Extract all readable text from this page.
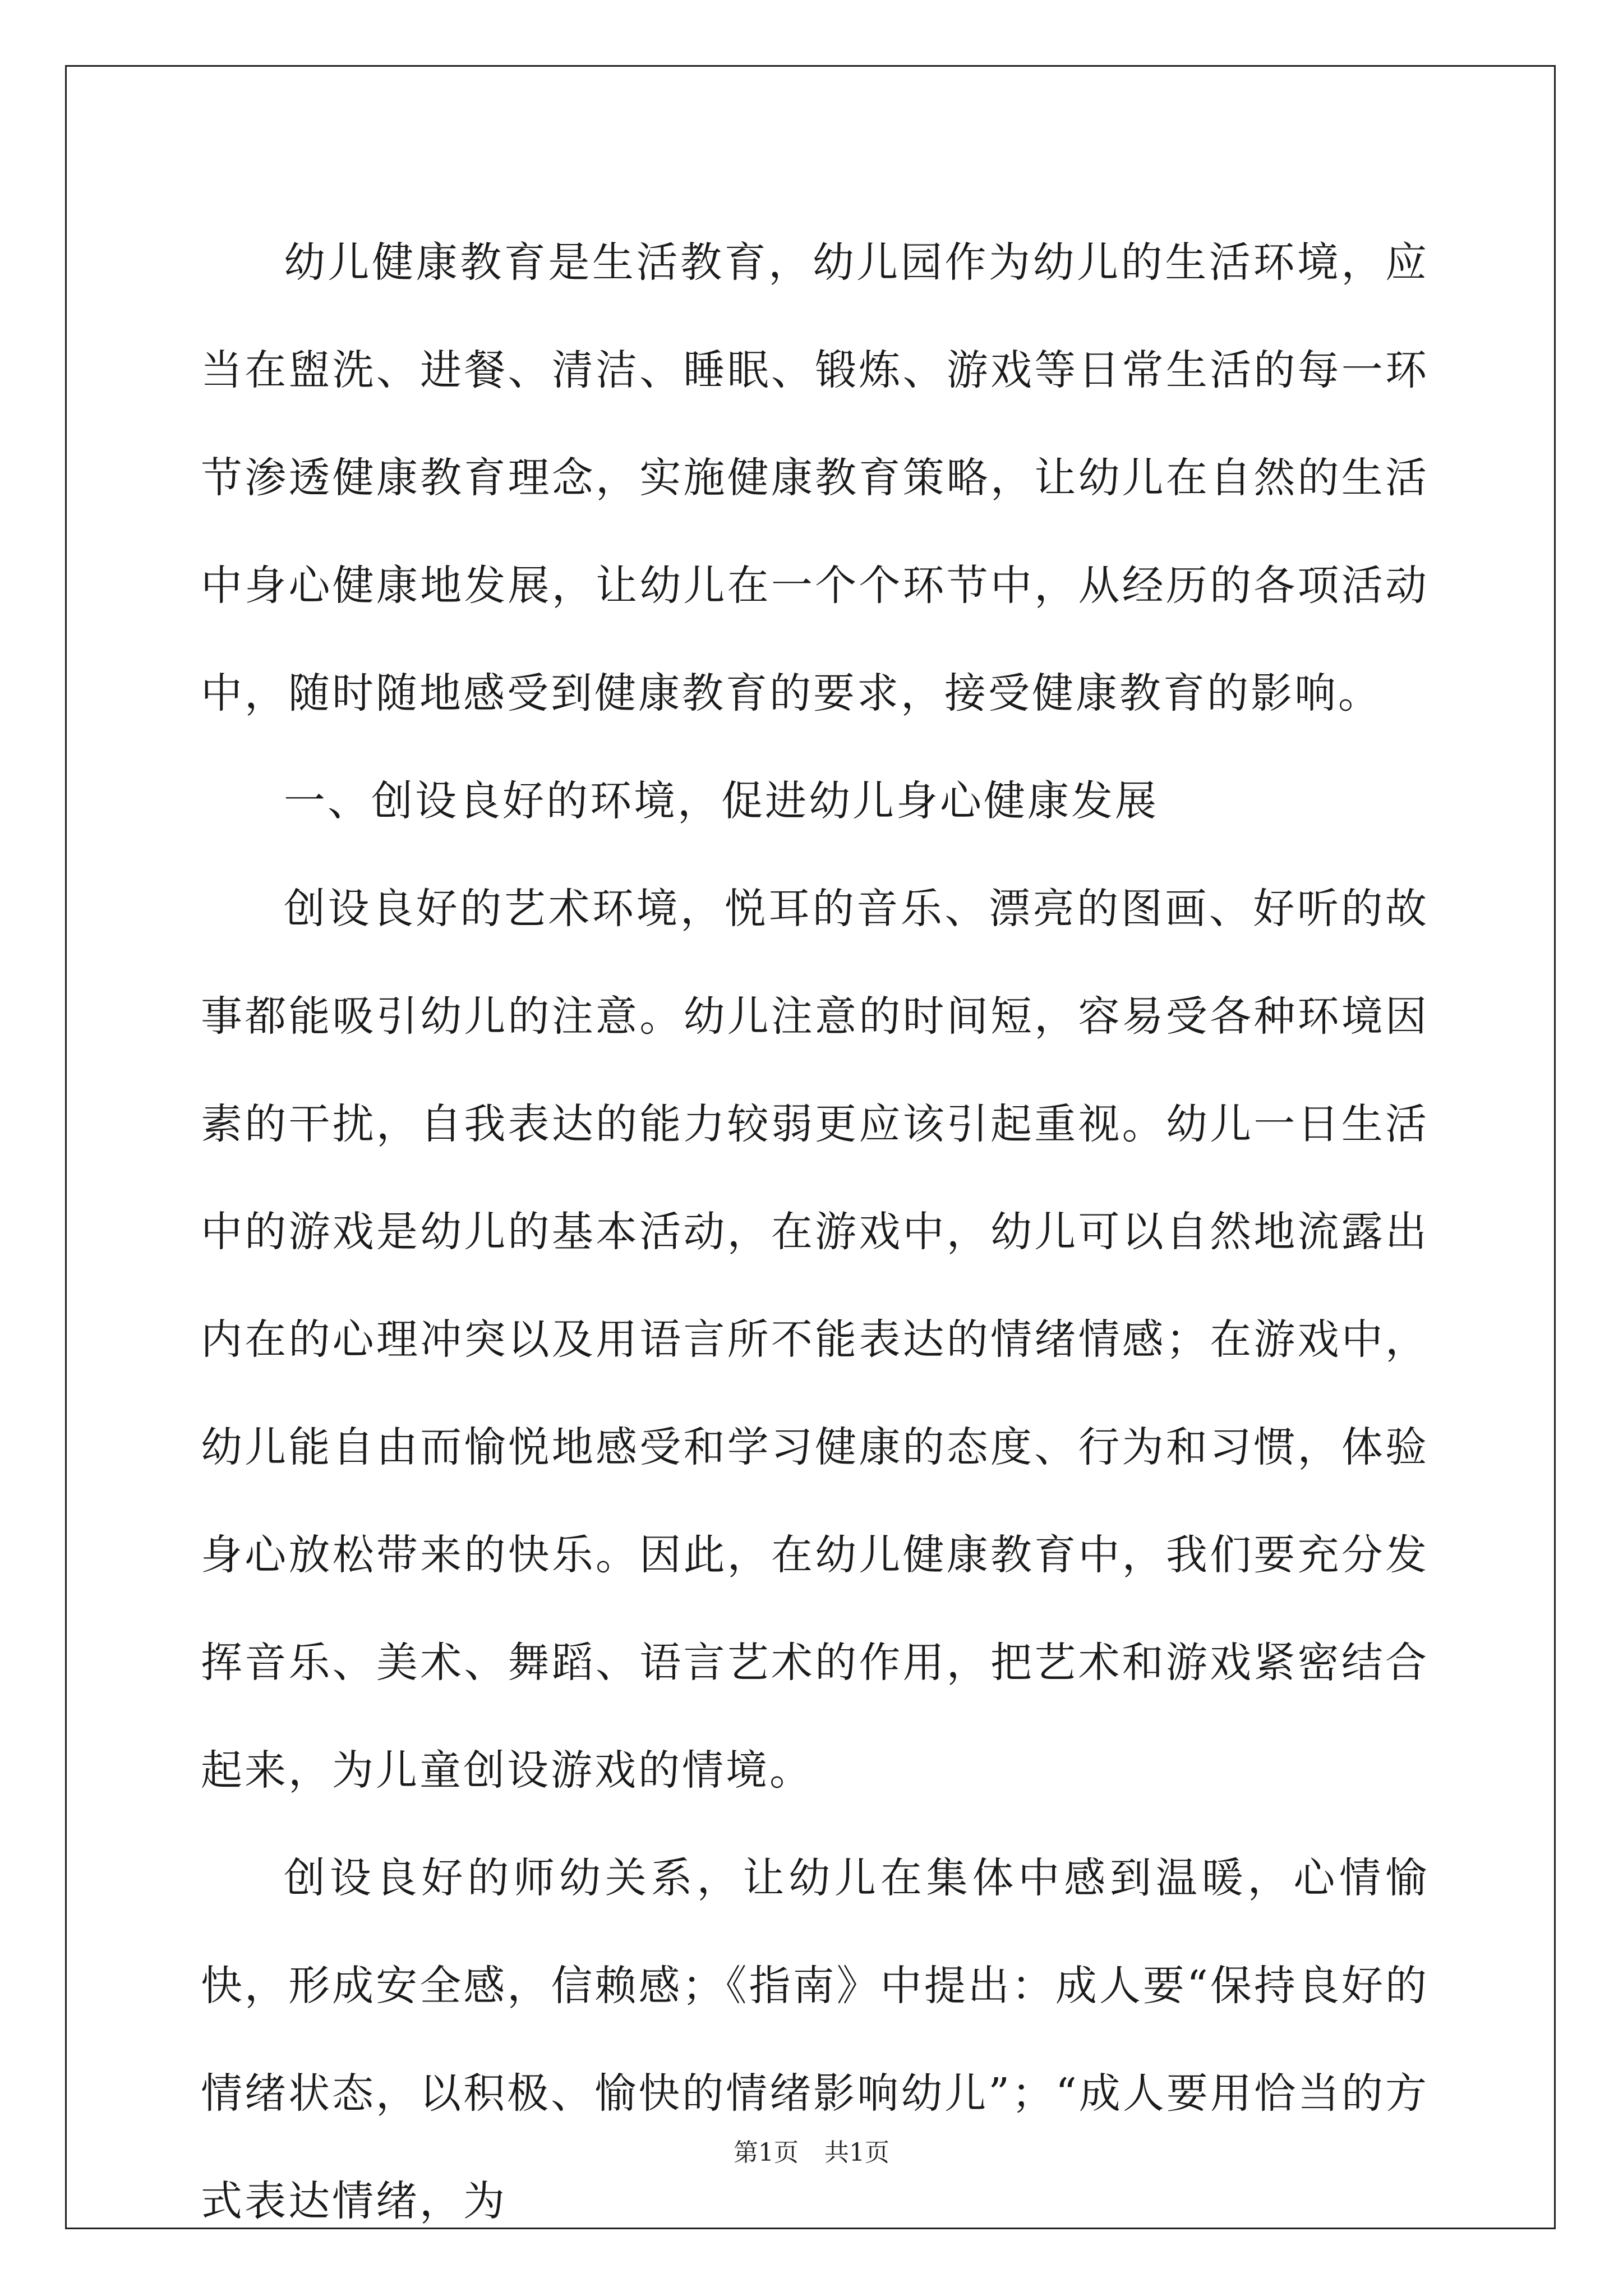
幼儿健康教育是生活教育，幼儿园作为幼儿的生活环境，应当在盥洗、进餐、清洁、睡眠、锻炼、游戏等日常生活的每一环节渗透健康教育理念，实施健康教育策略，让幼儿在自然的生活中身心健康地发展，让幼儿在一个个环节中，从经历的各项活动中，随时随地感受到健康教育的要求，接受健康教育的影响。

一、创设良好的环境，促进幼儿身心健康发展

创设良好的艺术环境，悦耳的音乐、漂亮的图画、好听的故事都能吸引幼儿的注意。幼儿注意的时间短，容易受各种环境因素的干扰，自我表达的能力较弱更应该引起重视。幼儿一日生活中的游戏是幼儿的基本活动，在游戏中，幼儿可以自然地流露出内在的心理冲突以及用语言所不能表达的情绪情感；在游戏中，幼儿能自由而愉悦地感受和学习健康的态度、行为和习惯，体验身心放松带来的快乐。因此，在幼儿健康教育中，我们要充分发挥音乐、美术、舞蹈、语言艺术的作用，把艺术和游戏紧密结合起来，为儿童创设游戏的情境。

创设良好的师幼关系，让幼儿在集体中感到温暖，心情愉快，形成安全感，信赖感；《指南》中提出：成人要“保持良好的情绪状态，以积极、愉快的情绪影响幼儿”；“成人要用恰当的方式表达情绪，为

第1页 共1页
